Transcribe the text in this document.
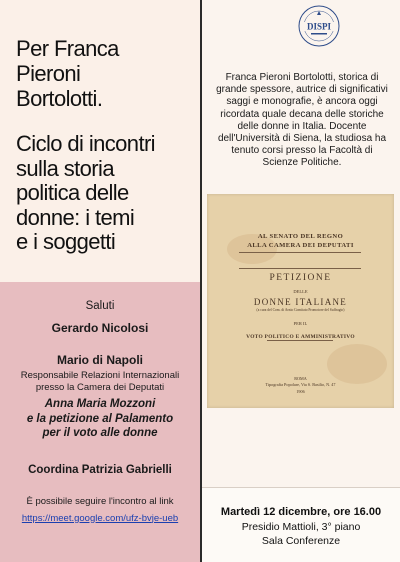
Per Franca
Pieroni
Bortolotti.
Ciclo di incontri
sulla storia
politica delle
donne: i temi
e i soggetti

Saluti

Gerardo Nicolosi

Mario di Napoli

Responsabile Relazioni Internazionali
presso la Camera dei Deputati

Anna Maria Mozzoni
e la petizione al Palamento
per il voto alle donne

Coordina Patrizia Gabrielli

È possibile seguire l'incontro al link

https://meet.google.com/ufz-bvje-ueb
DISPI

Franca Pieroni Bortolotti, storica di
grande spessore, autrice di significativi
saggi e monografie, è ancora oggi
ricordata quale decana delle storiche
delle donne in Italia. Docente
dell'Università di Siena, la studiosa ha
tenuto corsi presso la Facoltà di
Scienze Politiche.

AL SENATO DEL REGNO

ALLA CAMERA DEI DEPUTATI

PETIZIONE

DELLE

DONNE ITALIANE

(a cura del Com. di Arnio Comitato Promotore del Suffragio)

PER IL

VOTO POLITICO E AMMINISTRATIVO

ROMA

Tipografia Popolare, Via S. Basilio, N. 47

1906

Martedì 12 dicembre, ore 16.00

Presidio Mattioli, 3° piano

Sala Conferenze
